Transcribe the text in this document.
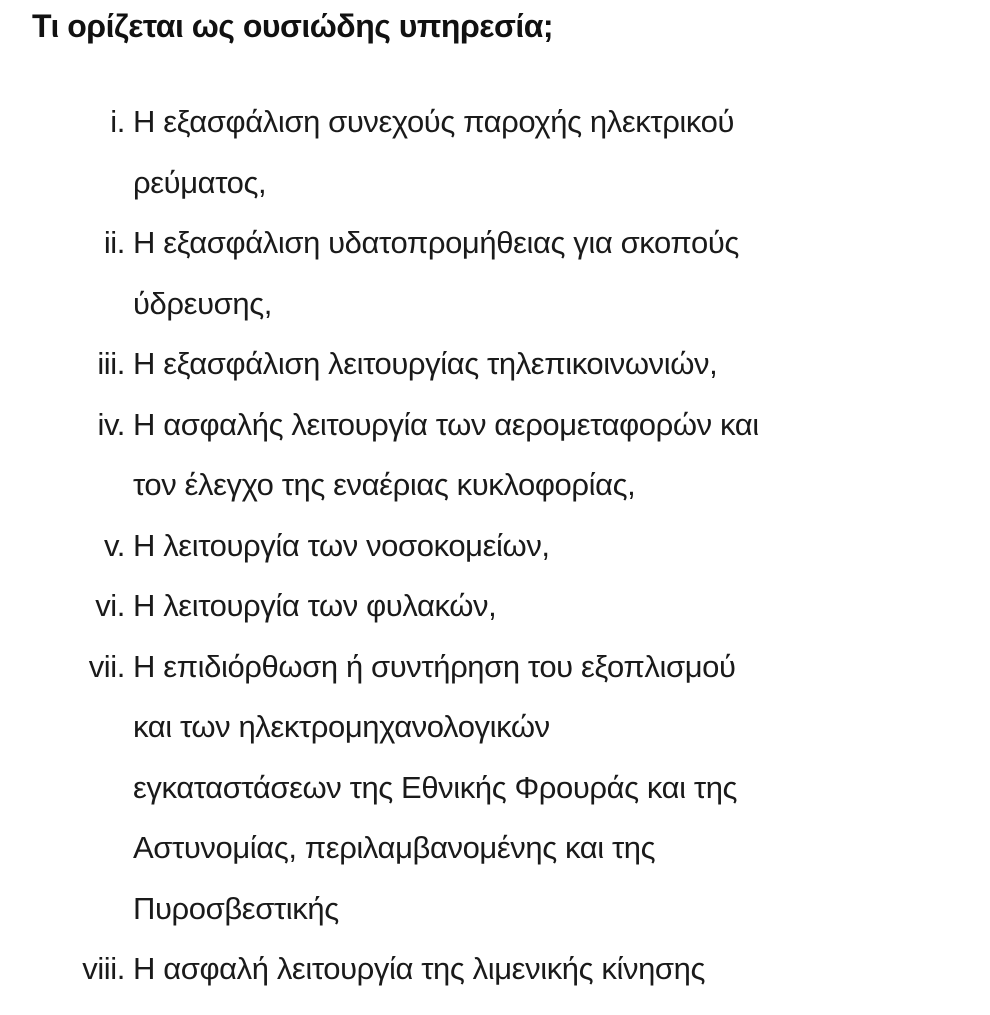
Τι ορίζεται ως ουσιώδης υπηρεσία;
i. Η εξασφάλιση συνεχούς παροχής ηλεκτρικού
ρεύματος,
ii. Η εξασφάλιση υδατοπρομήθειας για σκοπούς
ύδρευσης,
iii. Η εξασφάλιση λειτουργίας τηλεπικοινωνιών,
iv. Η ασφαλής λειτουργία των αερομεταφορών και
τον έλεγχο της εναέριας κυκλοφορίας,
v. Η λειτουργία των νοσοκομείων,
vi. Η λειτουργία των φυλακών,
vii. Η επιδιόρθωση ή συντήρηση του εξοπλισμού
και των ηλεκτρομηχανολογικών
εγκαταστάσεων της Εθνικής Φρουράς και της
Αστυνομίας, περιλαμβανομένης και της
Πυροσβεστικής
viii. Η ασφαλή λειτουργία της λιμενικής κίνησης
